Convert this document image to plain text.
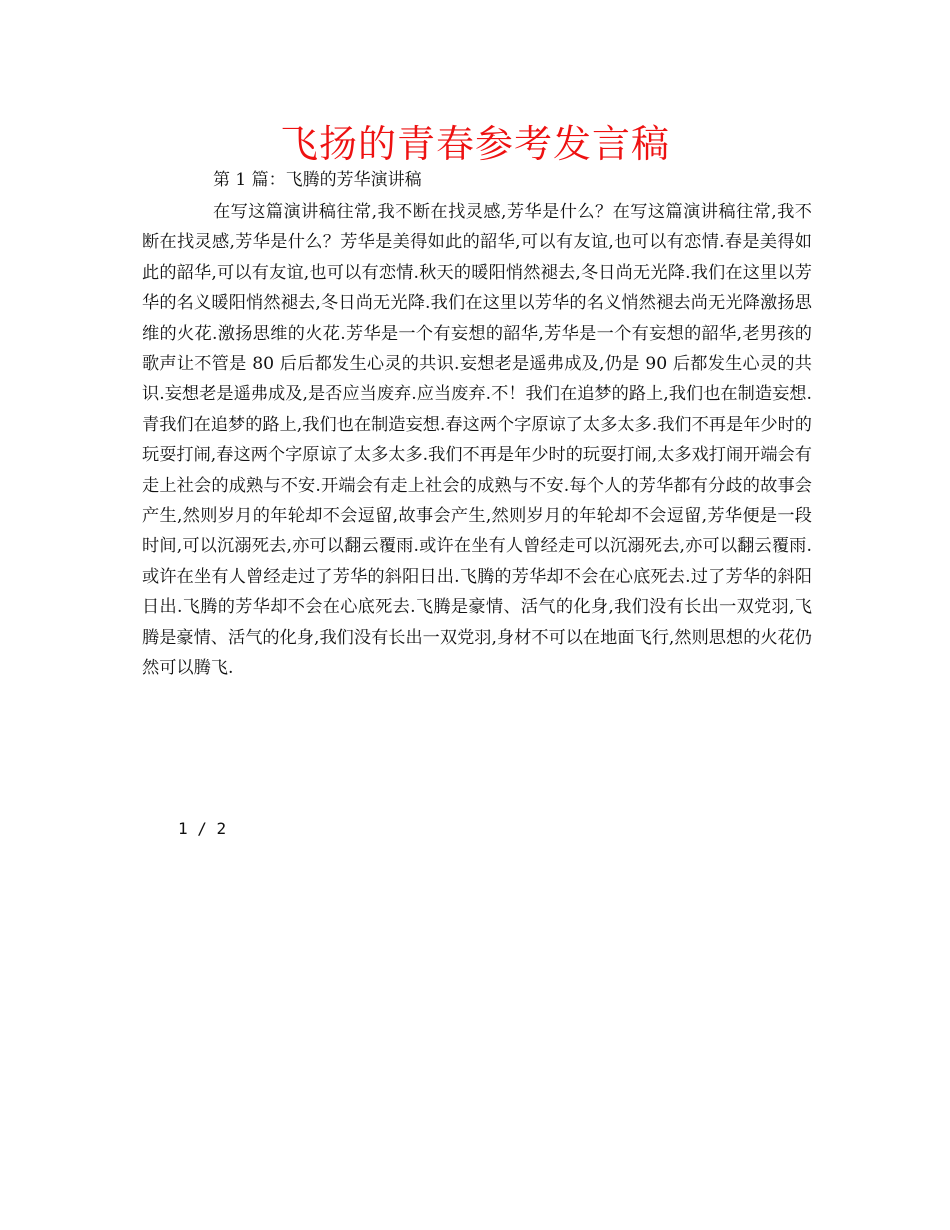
飞扬的青春参考发言稿
第 1 篇：飞腾的芳华演讲稿

在写这篇演讲稿往常,我不断在找灵感,芳华是什么？在写这篇演讲稿往常,我不断在找灵感,芳华是什么？芳华是美得如此的韶华,可以有友谊,也可以有恋情.春是美得如此的韶华,可以有友谊,也可以有恋情.秋天的暖阳悄然褪去,冬日尚无光降.我们在这里以芳华的名义暖阳悄然褪去,冬日尚无光降.我们在这里以芳华的名义悄然褪去尚无光降激扬思维的火花.激扬思维的火花.芳华是一个有妄想的韶华,芳华是一个有妄想的韶华,老男孩的歌声让不管是 80 后后都发生心灵的共识.妄想老是遥弗成及,仍是 90 后都发生心灵的共识.妄想老是遥弗成及,是否应当废弃.应当废弃.不！我们在追梦的路上,我们也在制造妄想.青我们在追梦的路上,我们也在制造妄想.春这两个字原谅了太多太多.我们不再是年少时的玩耍打闹,春这两个字原谅了太多太多.我们不再是年少时的玩耍打闹,太多戏打闹开端会有走上社会的成熟与不安.开端会有走上社会的成熟与不安.每个人的芳华都有分歧的故事会产生,然则岁月的年轮却不会逗留,故事会产生,然则岁月的年轮却不会逗留,芳华便是一段时间,可以沉溺死去,亦可以翻云覆雨.或许在坐有人曾经走可以沉溺死去,亦可以翻云覆雨.或许在坐有人曾经走过了芳华的斜阳日出.飞腾的芳华却不会在心底死去.过了芳华的斜阳日出.飞腾的芳华却不会在心底死去.飞腾是豪情、活气的化身,我们没有长出一双党羽,飞腾是豪情、活气的化身,我们没有长出一双党羽,身材不可以在地面飞行,然则思想的火花仍然可以腾飞.

1 / 2
